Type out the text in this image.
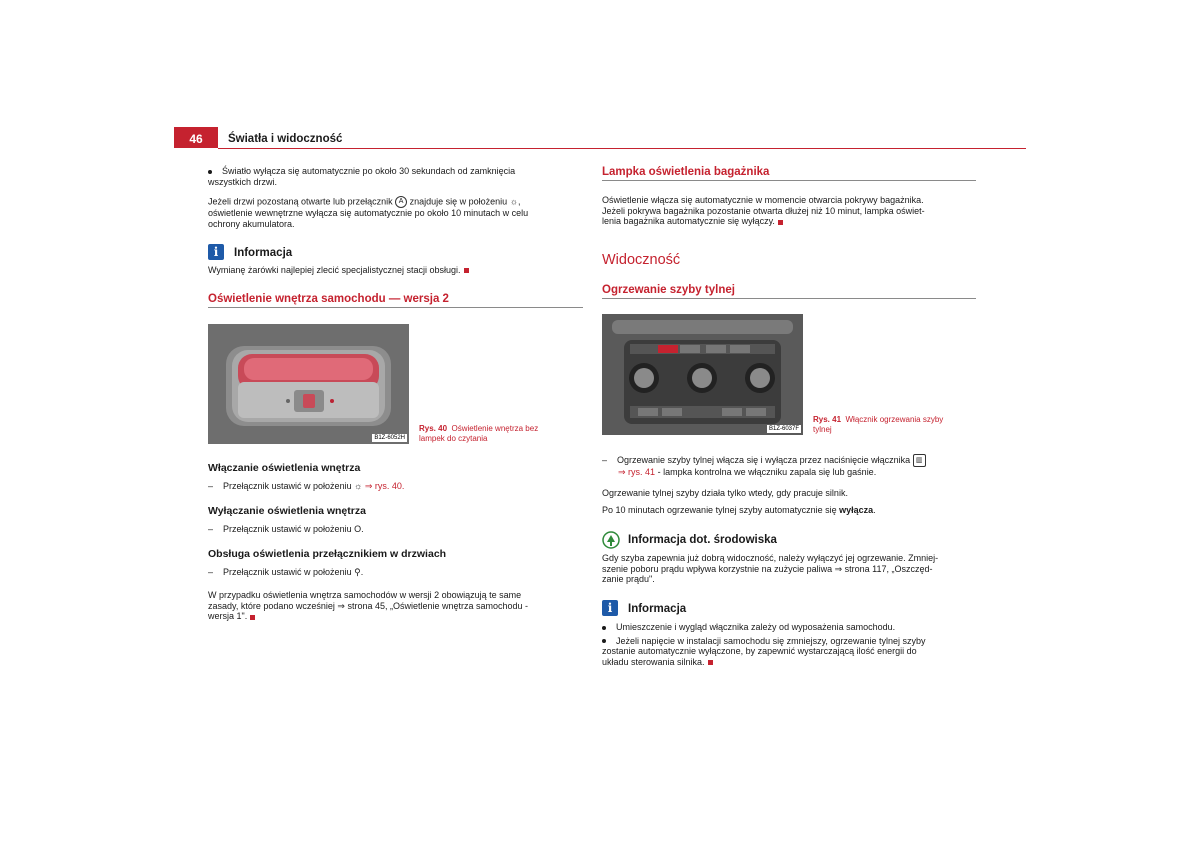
46	Światła i widoczność
Światło wyłącza się automatycznie po około 30 sekundach od zamknięcia
wszystkich drzwi.
Jeżeli drzwi pozostaną otwarte lub przełącznik A znajduje się w położeniu ☼,
oświetlenie wewnętrzne wyłącza się automatycznie po około 10 minutach w celu
ochrony akumulatora.
i	Informacja
Wymianę żarówki najlepiej zlecić specjalistycznej stacji obsługi.
Oświetlenie wnętrza samochodu — wersja 2
B1Z-6052H
Rys. 40 Oświetlenie wnętrza bez
lampek do czytania
Włączanie oświetlenia wnętrza
–    Przełącznik ustawić w położeniu ☼ ⇒ rys. 40.
Wyłączanie oświetlenia wnętrza
–    Przełącznik ustawić w położeniu O.
Obsługa oświetlenia przełącznikiem w drzwiach
–    Przełącznik ustawić w położeniu ⚲.
W przypadku oświetlenia wnętrza samochodów w wersji 2 obowiązują te same
zasady, które podano wcześniej ⇒ strona 45, „Oświetlenie wnętrza samochodu -
wersja 1".
Lampka oświetlenia bagażnika
Oświetlenie włącza się automatycznie w momencie otwarcia pokrywy bagażnika.
Jeżeli pokrywa bagażnika pozostanie otwarta dłużej niż 10 minut, lampka oświet-
lenia bagażnika automatycznie się wyłączy.
Widoczność
Ogrzewanie szyby tylnej
B1Z-6037F
Rys. 41 Włącznik ogrzewania szyby
tylnej
–    Ogrzewanie szyby tylnej włącza się i wyłącza przez naciśnięcie włącznika ▥
⇒ rys. 41 - lampka kontrolna we włączniku zapala się lub gaśnie.
Ogrzewanie tylnej szyby działa tylko wtedy, gdy pracuje silnik.
Po 10 minutach ogrzewanie tylnej szyby automatycznie się wyłącza.
Informacja dot. środowiska
Gdy szyba zapewnia już dobrą widoczność, należy wyłączyć jej ogrzewanie. Zmniej-
szenie poboru prądu wpływa korzystnie na zużycie paliwa ⇒ strona 117, „Oszczęd-
zanie prądu".
i	Informacja
Umieszczenie i wygląd włącznika zależy od wyposażenia samochodu.
Jeżeli napięcie w instalacji samochodu się zmniejszy, ogrzewanie tylnej szyby
zostanie automatycznie wyłączone, by zapewnić wystarczającą ilość energii do
układu sterowania silnika.
